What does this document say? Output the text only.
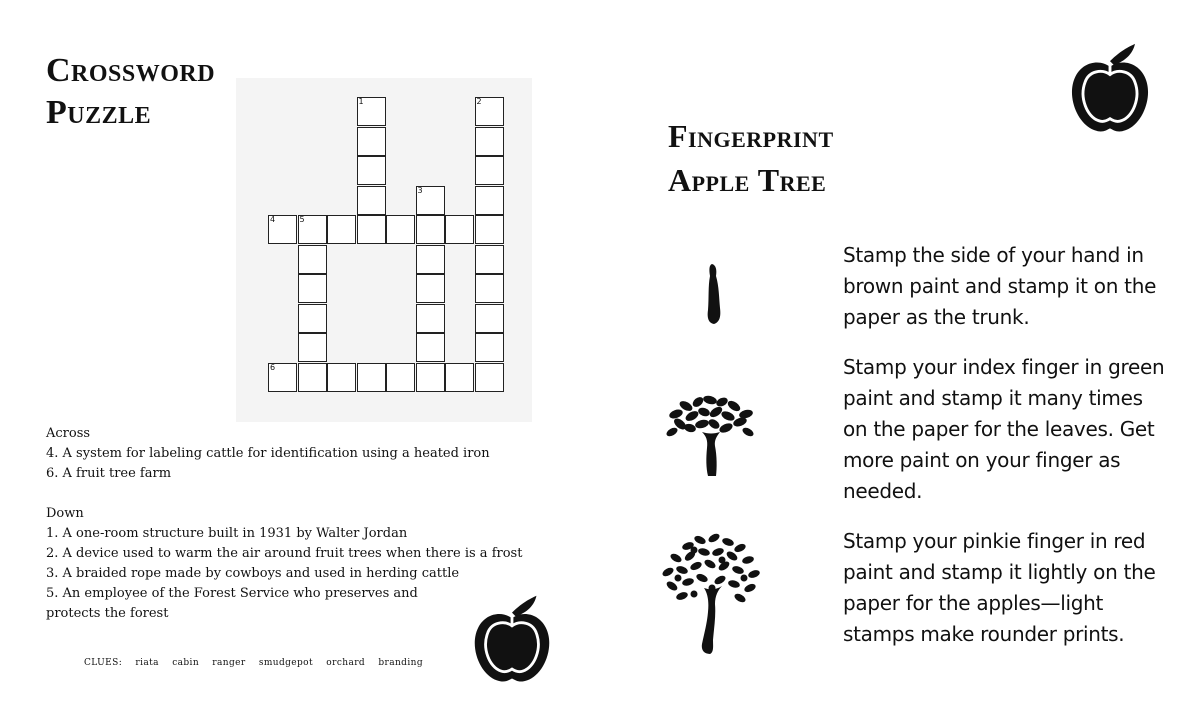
Crossword
Puzzle	1	2
3
4	5
6
Across
4. A system for labeling cattle for identification using a heated iron
6. A fruit tree farm
Down
1. A one-room structure built in 1931 by Walter Jordan
2. A device used to warm the air around fruit trees when there is a frost
3. A braided rope made by cowboys and used in herding cattle
5. An employee of the Forest Service who preserves and
protects the forest
CLUES: riata cabin ranger smudgepot orchard branding
Fingerprint
Apple Tree
Stamp the side of your hand in brown paint and stamp it on the paper as the trunk.
Stamp your index finger in green paint and stamp it many times on the paper for the leaves. Get more paint on your finger as needed.
Stamp your pinkie finger in red paint and stamp it lightly on the paper for the apples—light stamps make rounder prints.
